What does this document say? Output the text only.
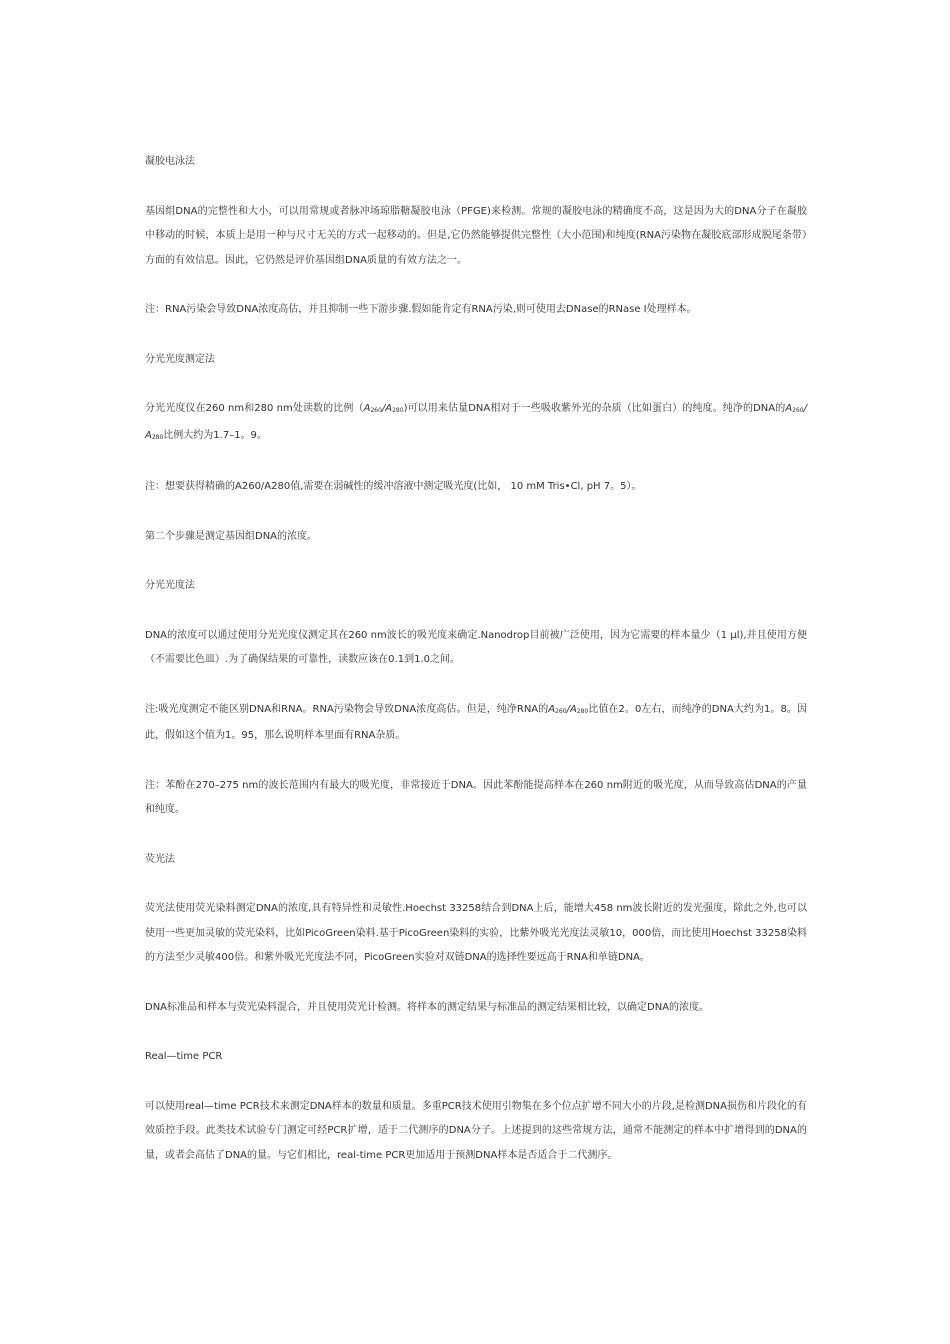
凝胶电泳法
基因组DNA的完整性和大小，可以用常规或者脉冲场琼脂糖凝胶电泳（PFGE)来检测。常规的凝胶电泳的精确度不高，这是因为大的DNA分子在凝胶中移动的时候，本质上是用一种与尺寸无关的方式一起移动的。但是,它仍然能够提供完整性（大小范围)和纯度(RNA污染物在凝胶底部形成脱尾条带）方面的有效信息。因此，它仍然是评价基因组DNA质量的有效方法之一。
注：RNA污染会导致DNA浓度高估，并且抑制一些下游步骤.假如能肯定有RNA污染,则可使用去DNase的RNase I处理样本。
分光光度测定法
分光光度仪在260 nm和280 nm处读数的比例（A260/A280)可以用来估量DNA相对于一些吸收紫外光的杂质（比如蛋白）的纯度。纯净的DNA的A260/A280比例大约为1.7–1。9。
注：想要获得精确的A260/A280值,需要在弱碱性的缓冲溶液中测定吸光度(比如， 10 mM Tris•Cl, pH 7。5）。
第二个步骤是测定基因组DNA的浓度。
分光光度法
DNA的浓度可以通过使用分光光度仪测定其在260 nm波长的吸光度来确定.Nanodrop目前被广泛使用，因为它需要的样本量少（1 μl),并且使用方便（不需要比色皿）.为了确保结果的可靠性，读数应该在0.1到1.0之间。
注:吸光度测定不能区别DNA和RNA。RNA污染物会导致DNA浓度高估。但是，纯净RNA的A260/A280比值在2。0左右，而纯净的DNA大约为1。8。因此，假如这个值为1。95，那么说明样本里面有RNA杂质。
注：苯酚在270–275 nm的波长范围内有最大的吸光度，非常接近于DNA。因此苯酚能提高样本在260 nm附近的吸光度，从而导致高估DNA的产量和纯度。
荧光法
荧光法使用荧光染料测定DNA的浓度,具有特异性和灵敏性.Hoechst 33258结合到DNA上后，能增大458 nm波长附近的发光强度，除此之外,也可以使用一些更加灵敏的荧光染料，比如PicoGreen染料.基于PicoGreen染料的实验，比紫外吸光光度法灵敏10，000倍，而比使用Hoechst 33258染料的方法至少灵敏400倍。和紫外吸光光度法不同，PicoGreen实验对双链DNA的选择性要远高于RNA和单链DNA。
DNA标准品和样本与荧光染料混合，并且使用荧光计检测。将样本的测定结果与标准品的测定结果相比较，以确定DNA的浓度。
Real—time PCR
可以使用real—time PCR技术来测定DNA样本的数量和质量。多重PCR技术使用引物集在多个位点扩增不同大小的片段,是检测DNA损伤和片段化的有效质控手段。此类技术试验专门测定可经PCR扩增，适于二代测序的DNA分子。上述提到的这些常规方法，通常不能测定的样本中扩增得到的DNA的量，或者会高估了DNA的量。与它们相比，real-time PCR更加适用于预测DNA样本是否适合于二代测序。
